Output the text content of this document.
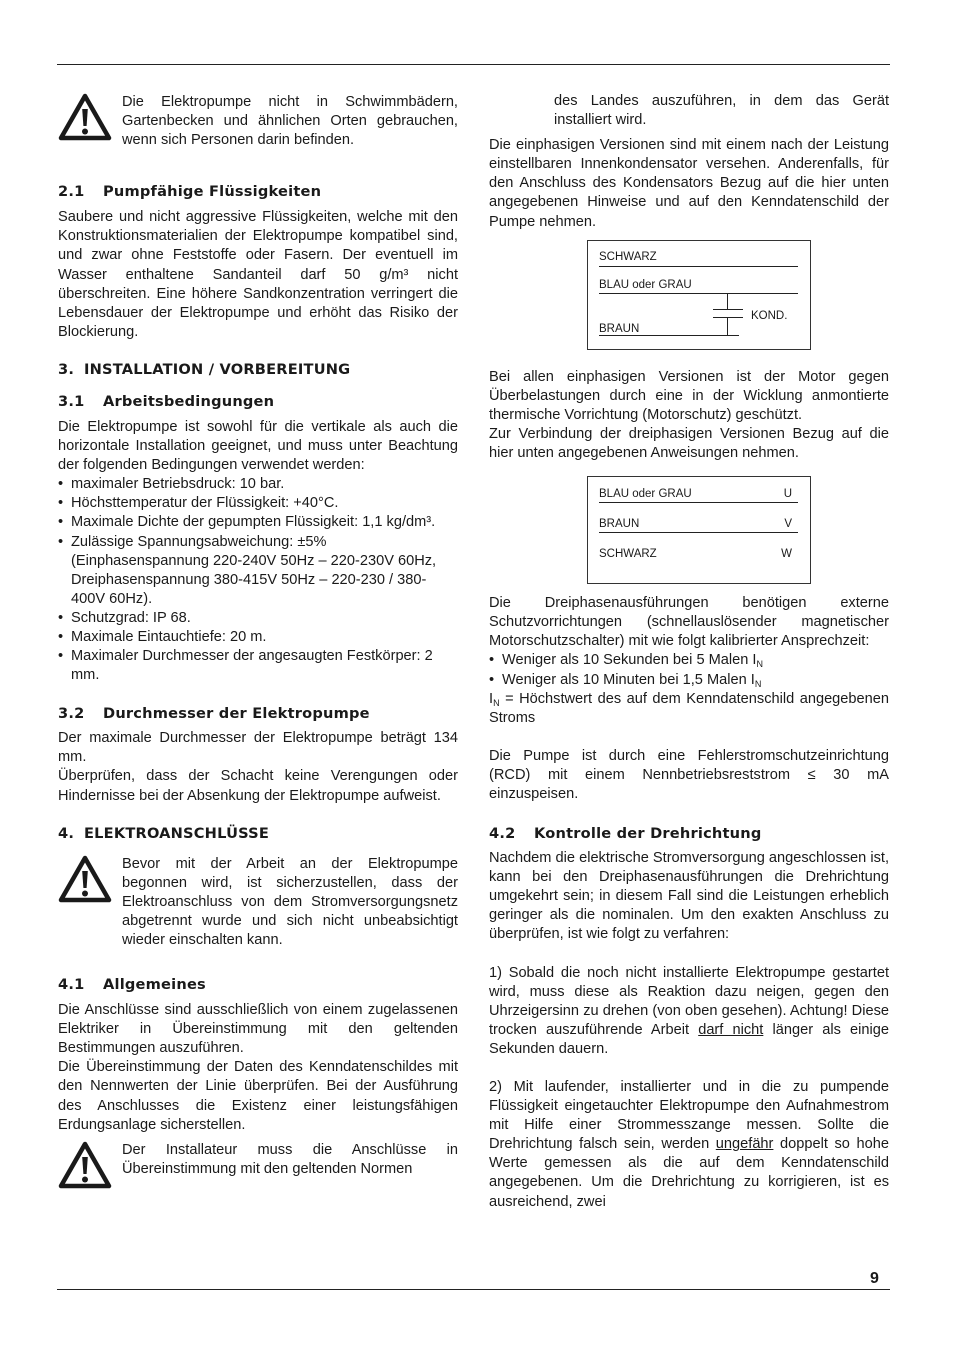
Die Elektropumpe nicht in Schwimmbädern, Gartenbecken und ähnlichen Orten gebrauchen, wenn sich Personen darin befinden.

2.1 Pumpfähige Flüssigkeiten

Saubere und nicht aggressive Flüssigkeiten, welche mit den Konstruktionsmaterialien der Elektropumpe kompatibel sind, und zwar ohne Feststoffe oder Fasern. Der eventuell im Wasser enthaltene Sandanteil darf 50 g/m³ nicht überschreiten. Eine höhere Sandkonzentration verringert die Lebensdauer der Elektropumpe und erhöht das Risiko der Blockierung.

3. INSTALLATION / VORBEREITUNG
3.1 Arbeitsbedingungen

Die Elektropumpe ist sowohl für die vertikale als auch die horizontale Installation geeignet, und muss unter Beachtung der folgenden Bedingungen verwendet werden:

• maximaler Betriebsdruck: 10 bar.
• Höchsttemperatur der Flüssigkeit: +40°C.
• Maximale Dichte der gepumpten Flüssigkeit: 1,1 kg/dm³.
• Zulässige Spannungsabweichung: ±5% (Einphasenspannung 220-240V 50Hz – 220-230V 60Hz, Dreiphasenspannung 380-415V 50Hz – 220-230 / 380-400V 60Hz).
• Schutzgrad: IP 68.
• Maximale Eintauchtiefe: 20 m.
• Maximaler Durchmesser der angesaugten Festkörper: 2 mm.
3.2 Durchmesser der Elektropumpe

Der maximale Durchmesser der Elektropumpe beträgt 134 mm.

Überprüfen, dass der Schacht keine Verengungen oder Hindernisse bei der Absenkung der Elektropumpe aufweist.

4. ELEKTROANSCHLÜSSE

Bevor mit der Arbeit an der Elektropumpe begonnen wird, ist sicherzustellen, dass der Elektroanschluss von dem Stromversorgungsnetz abgetrennt wurde und sich nicht unbeabsichtigt wieder einschalten kann.

4.1 Allgemeines

Die Anschlüsse sind ausschließlich von einem zugelassenen Elektriker in Übereinstimmung mit den geltenden Bestimmungen auszuführen.

Die Übereinstimmung der Daten des Kenndatenschildes mit den Nennwerten der Linie überprüfen. Bei der Ausführung des Anschlusses die Existenz einer leistungsfähigen Erdungsanlage sicherstellen.

Der Installateur muss die Anschlüsse in Übereinstimmung mit den geltenden Normen

des Landes auszuführen, in dem das Gerät installiert wird.

Die einphasigen Versionen sind mit einem nach der Leistung einstellbaren Innenkondensator versehen. Anderenfalls, für den Anschluss des Kondensators Bezug auf die hier unten angegebenen Hinweise und auf den Kenndatenschild der Pumpe nehmen.

SCHWARZ
BLAU oder GRAU
KOND.
BRAUN

Bei allen einphasigen Versionen ist der Motor gegen Überbelastungen durch eine in der Wicklung anmontierte thermische Vorrichtung (Motorschutz) geschützt.

Zur Verbindung der dreiphasigen Versionen Bezug auf die hier unten angegebenen Anweisungen nehmen.

BLAU oder GRAU	U
BRAUN	V
SCHWARZ	W

Die Dreiphasenausführungen benötigen externe Schutzvorrichtungen (schnellauslösender magnetischer Motorschutzschalter) mit wie folgt kalibrierter Ansprechzeit:

• Weniger als 10 Sekunden bei 5 Malen $I_N$
• Weniger als 10 Minuten bei 1,5 Malen $I_N$

$I_N$ = Höchstwert des auf dem Kenndatenschild angegebenen Stroms

Die Pumpe ist durch eine Fehlerstromschutzeinrichtung (RCD) mit einem Nennbetriebsreststrom ≤ 30 mA einzuspeisen.

4.2 Kontrolle der Drehrichtung

Nachdem die elektrische Stromversorgung angeschlossen ist, kann bei den Dreiphasenausführungen die Drehrichtung umgekehrt sein; in diesem Fall sind die Leistungen erheblich geringer als die nominalen. Um den exakten Anschluss zu überprüfen, ist wie folgt zu verfahren:

1) Sobald die noch nicht installierte Elektropumpe gestartet wird, muss diese als Reaktion dazu neigen, gegen den Uhrzeigersinn zu drehen (von oben gesehen). Achtung! Diese trocken auszuführende Arbeit darf nicht länger als einige Sekunden dauern.

2) Mit laufender, installierter und in die zu pumpende Flüssigkeit eingetauchter Elektropumpe den Aufnahmestrom mit Hilfe einer Strommesszange messen. Sollte die Drehrichtung falsch sein, werden ungefähr doppelt so hohe Werte gemessen als die auf dem Kenndatenschild angegebenen. Um die Drehrichtung zu korrigieren, ist es ausreichend, zwei

9
